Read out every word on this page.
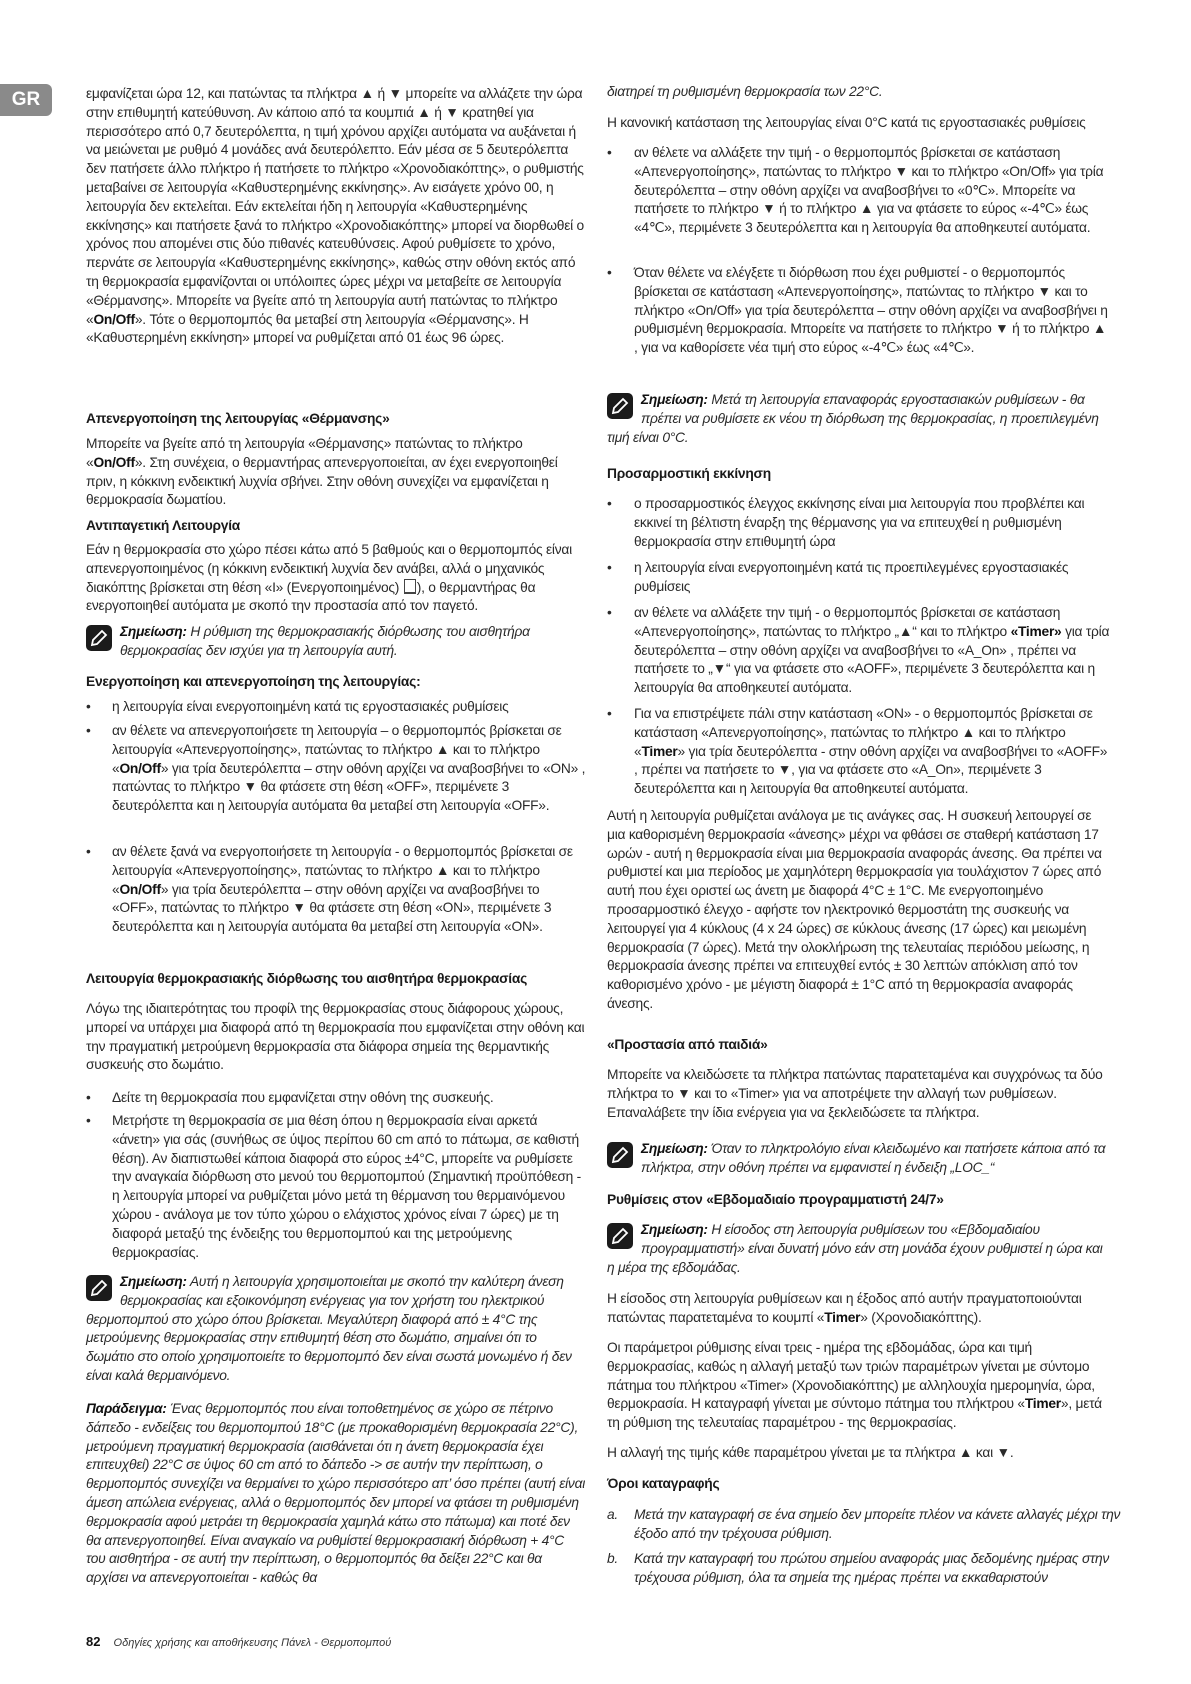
GR	εμφανίζεται ώρα 12, και πατώντας τα πλήκτρα ▲ ή ▼ μπορείτε να αλλάζετε την ώρα στην επιθυμητή κατεύθυνση. Αν κάποιο από τα κουμπιά ▲ ή ▼ κρατηθεί για περισσότερο από 0,7 δευτερόλεπτα, η τιμή χρόνου αρχίζει αυτόματα να αυξάνεται ή να μειώνεται με ρυθμό 4 μονάδες ανά δευτερόλεπτο. Εάν μέσα σε 5 δευτερόλεπτα δεν πατήσετε άλλο πλήκτρο ή πατήσετε το πλήκτρο «Χρονοδιακόπτης», ο ρυθμιστής μεταβαίνει σε λειτουργία «Καθυστερημένης εκκίνησης». Αν εισάγετε χρόνο 00, η λειτουργία δεν εκτελείται. Εάν εκτελείται ήδη η λειτουργία «Καθυστερημένης εκκίνησης» και πατήσετε ξανά το πλήκτρο «Χρονοδιακόπτης» μπορεί να διορθωθεί ο χρόνος που απομένει στις δύο πιθανές κατευθύνσεις. Αφού ρυθμίσετε το χρόνο, περνάτε σε λειτουργία «Καθυστερημένης εκκίνησης», καθώς στην οθόνη εκτός από τη θερμοκρασία εμφανίζονται οι υπόλοιπες ώρες μέχρι να μεταβείτε σε λειτουργία «Θέρμανσης». Μπορείτε να βγείτε από τη λειτουργία αυτή πατώντας το πλήκτρο «On/Off». Τότε ο θερμοπομπός θα μεταβεί στη λειτουργία «Θέρμανσης». Η «Καθυστερημένη εκκίνηση» μπορεί να ρυθμίζεται από 01 έως 96 ώρες.

Απενεργοποίηση της λειτουργίας «Θέρμανσης»

Μπορείτε να βγείτε από τη λειτουργία «Θέρμανσης» πατώντας το πλήκτρο «On/Off». Στη συνέχεια, ο θερμαντήρας απενεργοποιείται, αν έχει ενεργοποιηθεί πριν, η κόκκινη ενδεικτική λυχνία σβήνει. Στην οθόνη συνεχίζει να εμφανίζεται η θερμοκρασία δωματίου.

Αντιπαγετική Λειτουργία

Εάν η θερμοκρασία στο χώρο πέσει κάτω από 5 βαθμούς και ο θερμοπομπός είναι απενεργοποιημένος (η κόκκινη ενδεικτική λυχνία δεν ανάβει, αλλά ο μηχανικός διακόπτης βρίσκεται στη θέση «I» (Ενεργοποιημένος) ), ο θερμαντήρας θα ενεργοποιηθεί αυτόματα με σκοπό την προστασία από τον παγετό.

Σημείωση: Η ρύθμιση της θερμοκρασιακής διόρθωσης του αισθητήρα θερμοκρασίας δεν ισχύει για τη λειτουργία αυτή.
Ενεργοποίηση και απενεργοποίηση της λειτουργίας:
• η λειτουργία είναι ενεργοποιημένη κατά τις εργοστασιακές ρυθμίσεις
• αν θέλετε να απενεργοποιήσετε τη λειτουργία – ο θερμοπομπός βρίσκεται σε λειτουργία «Απενεργοποίησης», πατώντας το πλήκτρο ▲ και το πλήκτρο «On/Off» για τρία δευτερόλεπτα – στην οθόνη αρχίζει να αναβοσβήνει το «ON» , πατώντας το πλήκτρο ▼ θα φτάσετε στη θέση «OFF», περιμένετε 3 δευτερόλεπτα και η λειτουργία αυτόματα θα μεταβεί στη λειτουργία «OFF».
• αν θέλετε ξανά να ενεργοποιήσετε τη λειτουργία - ο θερμοπομπός βρίσκεται σε λειτουργία «Απενεργοποίησης», πατώντας το πλήκτρο ▲ και το πλήκτρο «On/Off» για τρία δευτερόλεπτα – στην οθόνη αρχίζει να αναβοσβήνει το «OFF», πατώντας το πλήκτρο ▼ θα φτάσετε στη θέση «ON», περιμένετε 3 δευτερόλεπτα και η λειτουργία αυτόματα θα μεταβεί στη λειτουργία «ON».
Λειτουργία θερμοκρασιακής διόρθωσης του αισθητήρα θερμοκρασίας

Λόγω της ιδιαιτερότητας του προφίλ της θερμοκρασίας στους διάφορους χώρους, μπορεί να υπάρχει μια διαφορά από τη θερμοκρασία που εμφανίζεται στην οθόνη και την πραγματική μετρούμενη θερμοκρασία στα διάφορα σημεία της θερμαντικής συσκευής στο δωμάτιο.

• Δείτε τη θερμοκρασία που εμφανίζεται στην οθόνη της συσκευής.
• Μετρήστε τη θερμοκρασία σε μια θέση όπου η θερμοκρασία είναι αρκετά «άνετη» για σάς (συνήθως σε ύψος περίπου 60 cm από το πάτωμα, σε καθιστή θέση). Αν διαπιστωθεί κάποια διαφορά στο εύρος ±4°C, μπορείτε να ρυθμίσετε την αναγκαία διόρθωση στο μενού του θερμοπομπού (Σημαντική προϋπόθεση - η λειτουργία μπορεί να ρυθμίζεται μόνο μετά τη θέρμανση του θερμαινόμενου χώρου - ανάλογα με τον τύπο χώρου ο ελάχιστος χρόνος είναι 7 ώρες) με τη διαφορά μεταξύ της ένδειξης του θερμοπομπού και της μετρούμενης θερμοκρασίας.
Σημείωση: Αυτή η λειτουργία χρησιμοποιείται με σκοπό την καλύτερη άνεση θερμοκρασίας και εξοικονόμηση ενέργειας για τον χρήστη του ηλεκτρικού θερμοπομπού στο χώρο όπου βρίσκεται. Μεγαλύτερη διαφορά από ± 4°C της μετρούμενης θερμοκρασίας στην επιθυμητή θέση στο δωμάτιο, σημαίνει ότι το δωμάτιο στο οποίο χρησιμοποιείτε το θερμοπομπό δεν είναι σωστά μονωμένο ή δεν είναι καλά θερμαινόμενο.

Παράδειγμα: Ένας θερμοπομπός που είναι τοποθετημένος σε χώρο σε πέτρινο δάπεδο - ενδείξεις του θερμοπομπού 18°C (με προκαθορισμένη θερμοκρασία 22°C), μετρούμενη πραγματική θερμοκρασία (αισθάνεται ότι η άνετη θερμοκρασία έχει επιτευχθεί) 22°C σε ύψος 60 cm από το δάπεδο -> σε αυτήν την περίπτωση, ο θερμοπομπός συνεχίζει να θερμαίνει το χώρο περισσότερο απ’ όσο πρέπει (αυτή είναι άμεση απώλεια ενέργειας, αλλά ο θερμοπομπός δεν μπορεί να φτάσει τη ρυθμισμένη θερμοκρασία αφού μετράει τη θερμοκρασία χαμηλά κάτω στο πάτωμα) και ποτέ δεν θα απενεργοποιηθεί. Είναι αναγκαίο να ρυθμίστεί θερμοκρασιακή διόρθωση + 4°C του αισθητήρα - σε αυτή την περίπτωση, ο θερμοπομπός θα δείξει 22°C και θα αρχίσει να απενεργοποιείται - καθώς θα

διατηρεί τη ρυθμισμένη θερμοκρασία των 22°C.

Η κανονική κατάσταση της λειτουργίας είναι 0°C κατά τις εργοστασιακές ρυθμίσεις

• αν θέλετε να αλλάξετε την τιμή - ο θερμοπομπός βρίσκεται σε κατάσταση «Απενεργοποίησης», πατώντας το πλήκτρο ▼ και το πλήκτρο «On/Off» για τρία δευτερόλεπτα – στην οθόνη αρχίζει να αναβοσβήνει το «0℃». Μπορείτε να πατήσετε το πλήκτρο ▼ ή το πλήκτρο ▲ για να φτάσετε το εύρος «-4℃» έως «4℃», περιμένετε 3 δευτερόλεπτα και η λειτουργία θα αποθηκευτεί αυτόματα.
• Όταν θέλετε να ελέγξετε τι διόρθωση που έχει ρυθμιστεί - ο θερμοπομπός βρίσκεται σε κατάσταση «Απενεργοποίησης», πατώντας το πλήκτρο ▼ και το πλήκτρο «On/Off» για τρία δευτερόλεπτα – στην οθόνη αρχίζει να αναβοσβήνει η ρυθμισμένη θερμοκρασία. Μπορείτε να πατήσετε το πλήκτρο ▼ ή το πλήκτρο ▲ , για να καθορίσετε νέα τιμή στο εύρος «-4℃» έως «4℃».
Σημείωση: Μετά τη λειτουργία επαναφοράς εργοστασιακών ρυθμίσεων - θα πρέπει να ρυθμίσετε εκ νέου τη διόρθωση της θερμοκρασίας, η προεπιλεγμένη τιμή είναι 0°C.
Προσαρμοστική εκκίνηση
• ο προσαρμοστικός έλεγχος εκκίνησης είναι μια λειτουργία που προβλέπει και εκκινεί τη βέλτιστη έναρξη της θέρμανσης για να επιτευχθεί η ρυθμισμένη θερμοκρασία στην επιθυμητή ώρα
• η λειτουργία είναι ενεργοποιημένη κατά τις προεπιλεγμένες εργοστασιακές ρυθμίσεις
• αν θέλετε να αλλάξετε την τιμή - ο θερμοπομπός βρίσκεται σε κατάσταση «Απενεργοποίησης», πατώντας το πλήκτρο „▲“ και το πλήκτρο «Timer» για τρία δευτερόλεπτα – στην οθόνη αρχίζει να αναβοσβήνει το «A_On» , πρέπει να πατήσετε το „▼“ για να φτάσετε στο «AOFF», περιμένετε 3 δευτερόλεπτα και η λειτουργία θα αποθηκευτεί αυτόματα.
• Για να επιστρέψετε πάλι στην κατάσταση «ON» - ο θερμοπομπός βρίσκεται σε κατάσταση «Απενεργοποίησης», πατώντας το πλήκτρο ▲ και το πλήκτρο «Timer» για τρία δευτερόλεπτα - στην οθόνη αρχίζει να αναβοσβήνει το «AOFF» , πρέπει να πατήσετε το ▼, για να φτάσετε στο «A_On», περιμένετε 3 δευτερόλεπτα και η λειτουργία θα αποθηκευτεί αυτόματα.

Αυτή η λειτουργία ρυθμίζεται ανάλογα με τις ανάγκες σας. Η συσκευή λειτουργεί σε μια καθορισμένη θερμοκρασία «άνεσης» μέχρι να φθάσει σε σταθερή κατάσταση 17 ωρών - αυτή η θερμοκρασία είναι μια θερμοκρασία αναφοράς άνεσης. Θα πρέπει να ρυθμιστεί και μια περίοδος με χαμηλότερη θερμοκρασία για τουλάχιστον 7 ώρες από αυτή που έχει οριστεί ως άνετη με διαφορά 4°C ± 1°C. Με ενεργοποιημένο προσαρμοστικό έλεγχο - αφήστε τον ηλεκτρονικό θερμοστάτη της συσκευής να λειτουργεί για 4 κύκλους (4 x 24 ώρες) σε κύκλους άνεσης (17 ώρες) και μειωμένη θερμοκρασία (7 ώρες). Μετά την ολοκλήρωση της τελευταίας περιόδου μείωσης, η θερμοκρασία άνεσης πρέπει να επιτευχθεί εντός ± 30 λεπτών απόκλιση από τον καθορισμένο χρόνο - με μέγιστη διαφορά ± 1°C από τη θερμοκρασία αναφοράς άνεσης.

«Προστασία από παιδιά»

Μπορείτε να κλειδώσετε τα πλήκτρα πατώντας παρατεταμένα και συγχρόνως τα δύο πλήκτρα το ▼ και το «Timer» για να αποτρέψετε την αλλαγή των ρυθμίσεων. Επαναλάβετε την ίδια ενέργεια για να ξεκλειδώσετε τα πλήκτρα.

Σημείωση: Όταν το πληκτρολόγιο είναι κλειδωμένο και πατήσετε κάποια από τα πλήκτρα, στην οθόνη πρέπει να εμφανιστεί η ένδειξη „LOC_“
Ρυθμίσεις στον «Εβδομαδιαίο προγραμματιστή 24/7»
Σημείωση: Η είσοδος στη λειτουργία ρυθμίσεων του «Εβδομαδιαίου προγραμματιστή» είναι δυνατή μόνο εάν στη μονάδα έχουν ρυθμιστεί η ώρα και η μέρα της εβδομάδας.

Η είσοδος στη λειτουργία ρυθμίσεων και η έξοδος από αυτήν πραγματοποιούνται πατώντας παρατεταμένα το κουμπί «Timer» (Χρονοδιακόπτης).

Οι παράμετροι ρύθμισης είναι τρεις - ημέρα της εβδομάδας, ώρα και τιμή θερμοκρασίας, καθώς η αλλαγή μεταξύ των τριών παραμέτρων γίνεται με σύντομο πάτημα του πλήκτρου «Timer» (Χρονοδιακόπτης) με αλληλουχία ημερομηνία, ώρα, θερμοκρασία. Η καταγραφή γίνεται με σύντομο πάτημα του πλήκτρου «Timer», μετά τη ρύθμιση της τελευταίας παραμέτρου - της θερμοκρασίας.

Η αλλαγή της τιμής κάθε παραμέτρου γίνεται με τα πλήκτρα ▲ και ▼.

Όροι καταγραφής
a. Μετά την καταγραφή σε ένα σημείο δεν μπορείτε πλέον να κάνετε αλλαγές μέχρι την έξοδο από την τρέχουσα ρύθμιση.
b. Κατά την καταγραφή του πρώτου σημείου αναφοράς μιας δεδομένης ημέρας στην τρέχουσα ρύθμιση, όλα τα σημεία της ημέρας πρέπει να εκκαθαριστούν
82 Οδηγίες χρήσης και αποθήκευσης Πάνελ - Θερμοπομπού
